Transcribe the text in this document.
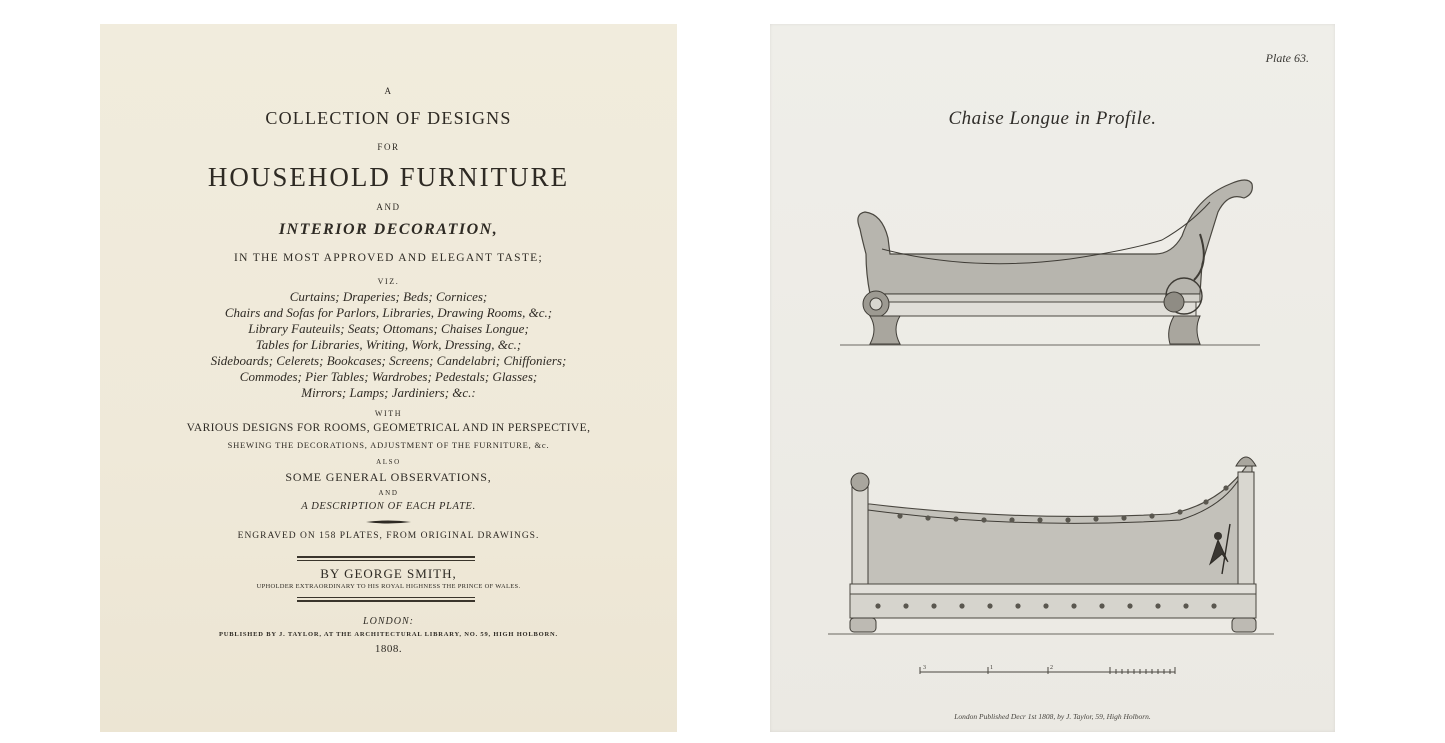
A
COLLECTION OF DESIGNS
FOR
HOUSEHOLD FURNITURE
AND
INTERIOR DECORATION,
IN THE MOST APPROVED AND ELEGANT TASTE;
VIZ.
Curtains; Draperies; Beds; Cornices;
Chairs and Sofas for Parlors, Libraries, Drawing Rooms, &c.;
Library Fauteuils; Seats; Ottomans; Chaises Longue;
Tables for Libraries, Writing, Work, Dressing, &c.;
Sideboards; Celerets; Bookcases; Screens; Candelabri; Chiffoniers;
Commodes; Pier Tables; Wardrobes; Pedestals; Glasses;
Mirrors; Lamps; Jardiniers; &c.:
WITH
VARIOUS DESIGNS FOR ROOMS, GEOMETRICAL AND IN PERSPECTIVE,
SHEWING THE DECORATIONS, ADJUSTMENT OF THE FURNITURE, &c.
ALSO
SOME GENERAL OBSERVATIONS,
AND
A DESCRIPTION OF EACH PLATE.
ENGRAVED ON 158 PLATES, FROM ORIGINAL DRAWINGS.
BY GEORGE SMITH,
UPHOLDER EXTRAORDINARY TO HIS ROYAL HIGHNESS THE PRINCE OF WALES.
LONDON:
PUBLISHED BY J. TAYLOR, AT THE ARCHITECTURAL LIBRARY, NO. 59, HIGH HOLBORN.
1808.
Plate 63.
Chaise Longue in Profile.
3	1	2
London Published Decr 1st 1808, by J. Taylor, 59, High Holborn.
